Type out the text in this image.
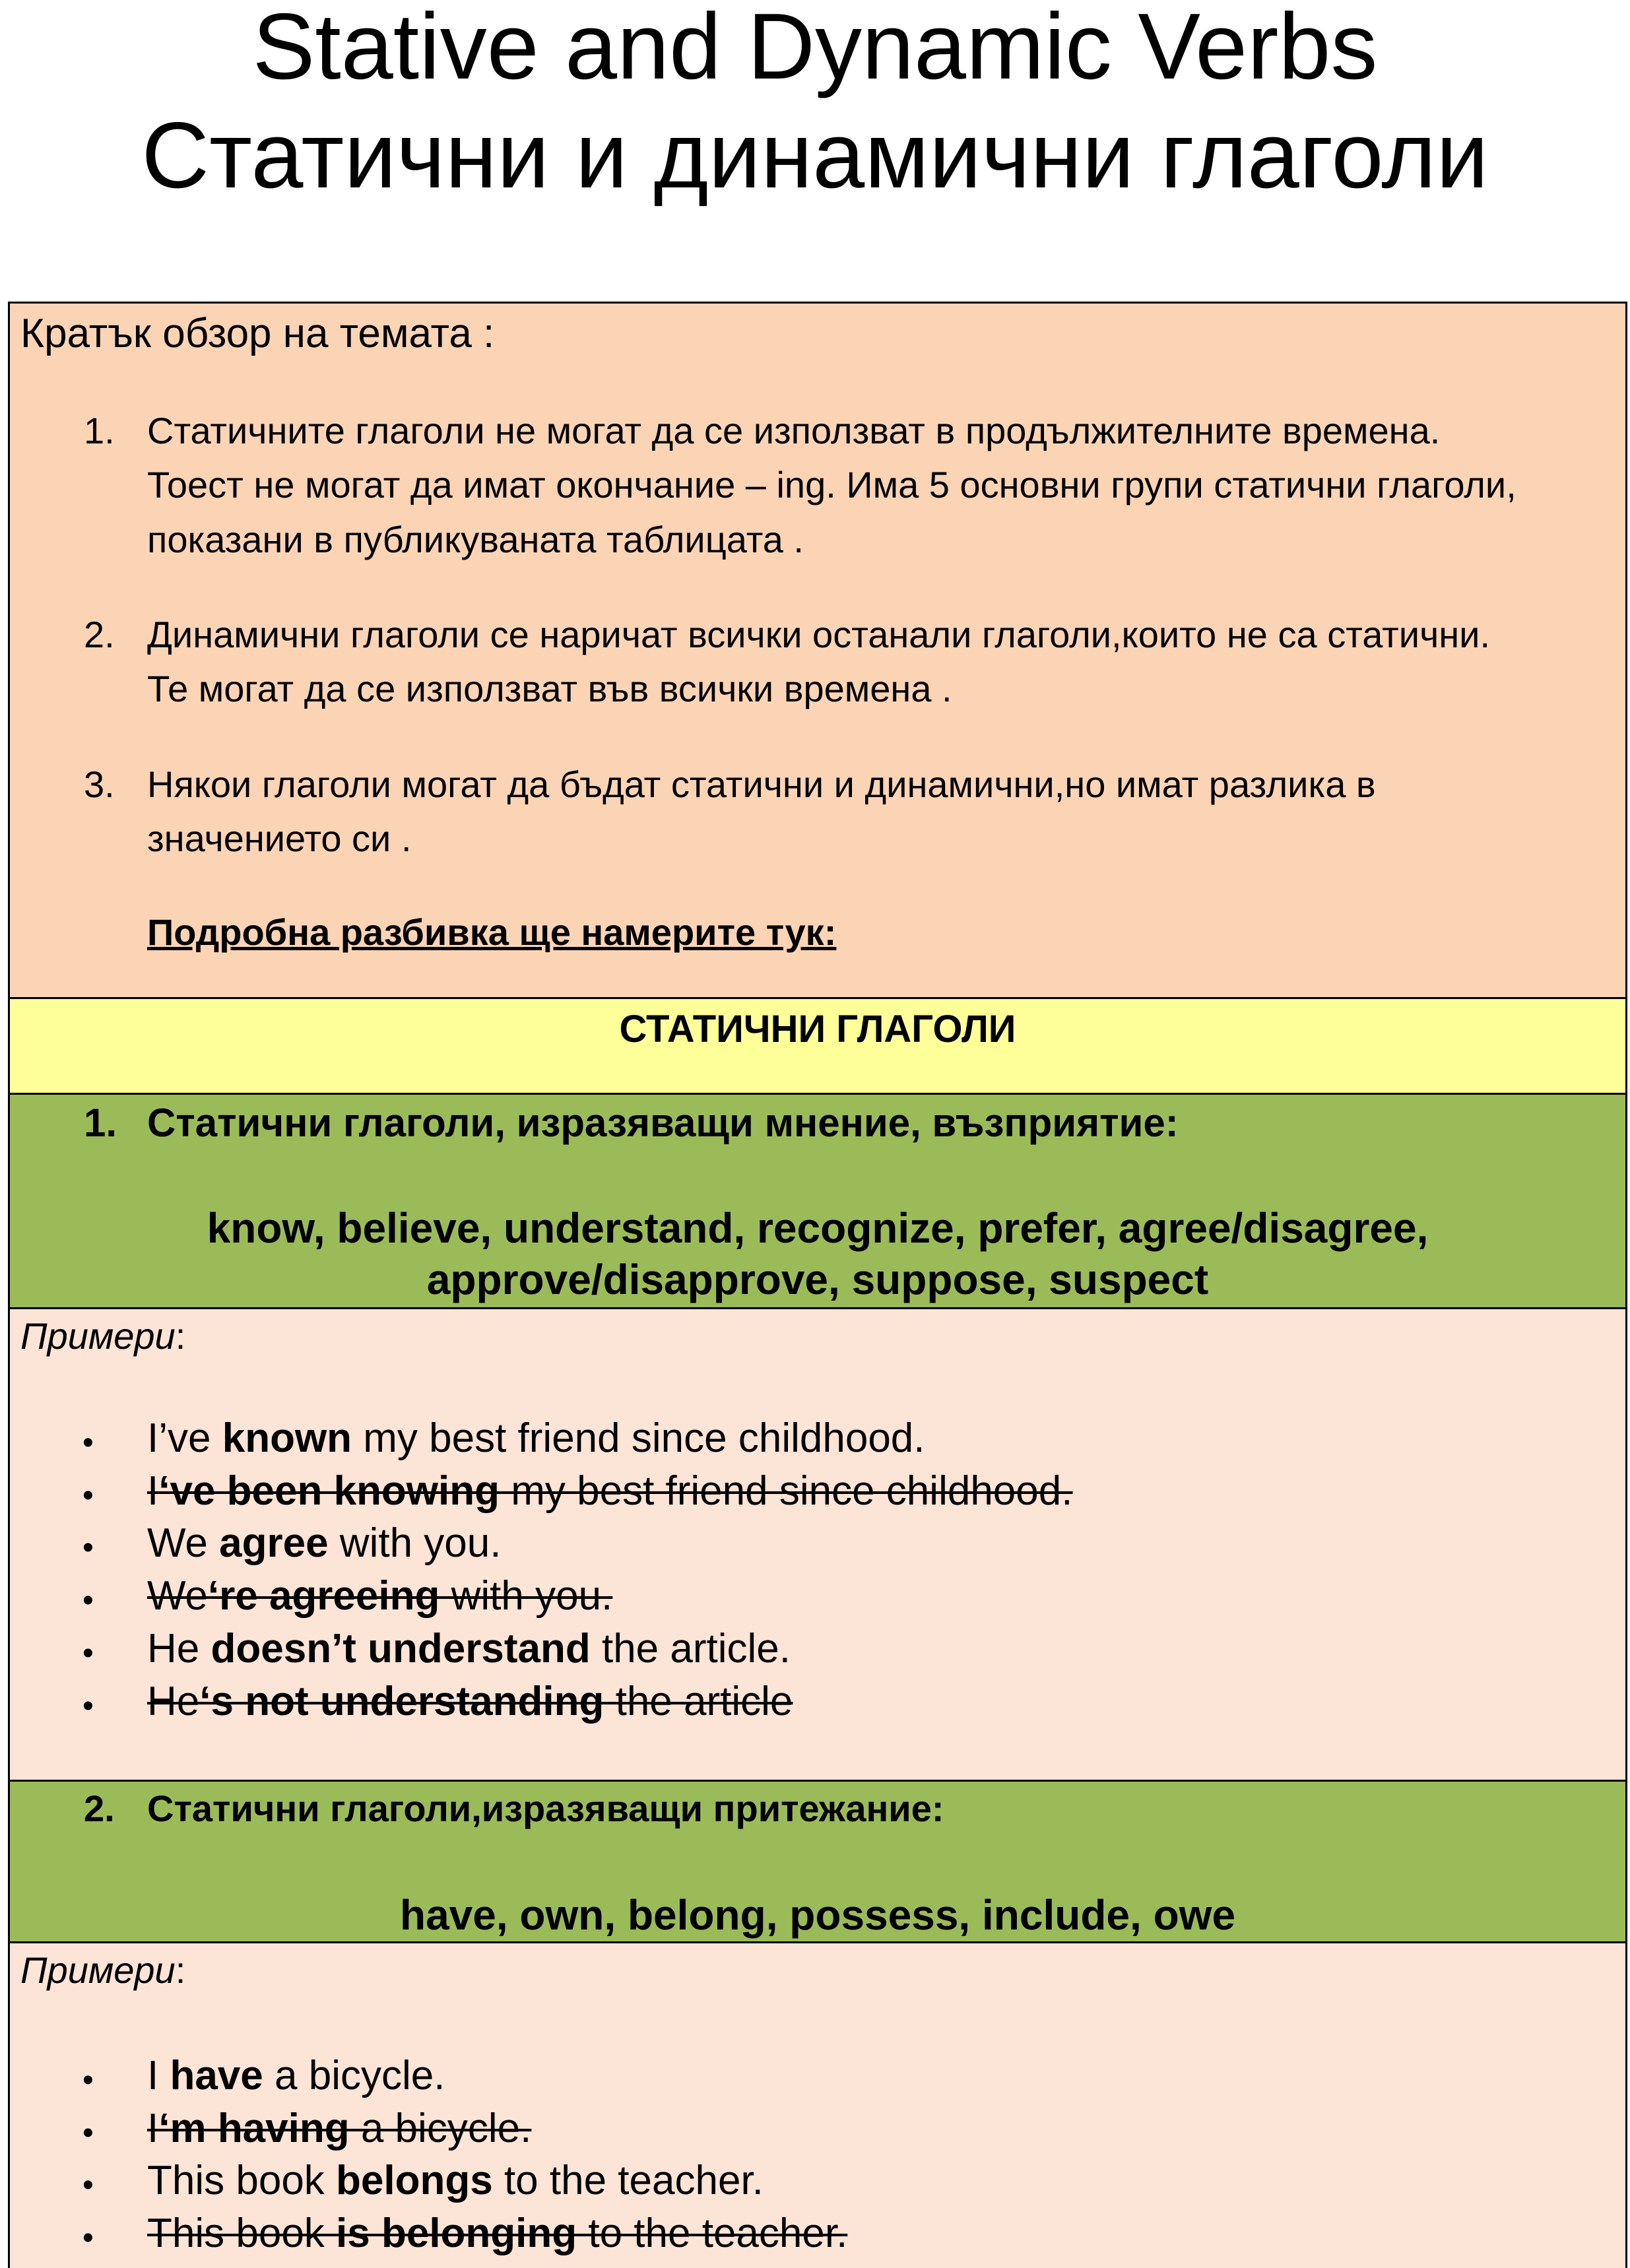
Stative and Dynamic Verbs
Статични и динамични глаголи
Кратък обзор на темата :
1. Статичните глаголи не могат да се използват в продължителните времена.
Тоест не могат да имат окончание – ing. Има 5 основни групи статични глаголи,
показани в публикуваната таблицата .
2. Динамични глаголи се наричат всички останали глаголи,които не са статични.
Те могат да се използват във всички времена .
3. Някои глаголи могат да бъдат статични и динамични,но имат разлика в
значението си .
Подробна разбивка ще намерите тук:
СТАТИЧНИ ГЛАГОЛИ
1. Статични глаголи, изразяващи мнение, възприятие:
know, believe, understand, recognize, prefer, agree/disagree,
approve/disapprove, suppose, suspect
Примери:
• I’ve known my best friend since childhood.
• I‘ve been knowing my best friend since childhood.
• We agree with you.
• We‘re agreeing with you.
• He doesn’t understand the article.
• He‘s not understanding the article
2. Статични глаголи,изразяващи притежание:
have, own, belong, possess, include, owe
Примери:
• I have a bicycle.
• I‘m having a bicycle.
• This book belongs to the teacher.
• This book is belonging to the teacher.
